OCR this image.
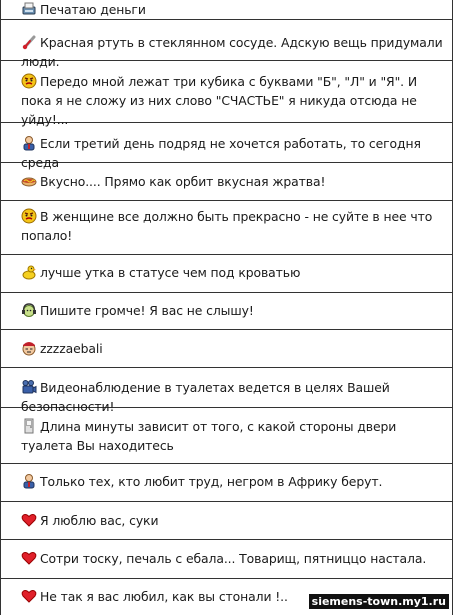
Печатаю деньги
Красная ртуть в стеклянном сосуде. Адскую вещь придумали люди.
Передо мной лежат три кубика с буквами "Б", "Л" и "Я". И пока я не сложу из них слово "СЧАСТЬЕ" я никуда отсюда не уйду!...
Если третий день подряд не хочется работать, то сегодня среда
Вкусно.... Прямо как орбит вкусная жратва!
В женщине все должно быть прекрасно - не суйте в нее что попало!
лучше утка в статусе чем под кроватью
Пишите громче! Я вас не слышу!
zzzzaebali
Видеонаблюдение в туалетах ведется в целях Вашей безопасности!
Длина минуты зависит от того, с какой стороны двери туалета Вы находитесь
Только тех, кто любит труд, негром в Африку берут.
Я люблю вас, суки
Сотри тоску, печаль с ебала... Товарищ, пятниццо настала.
Не так я вас любил, как вы стонали !..	siemens-town.my1.ru
